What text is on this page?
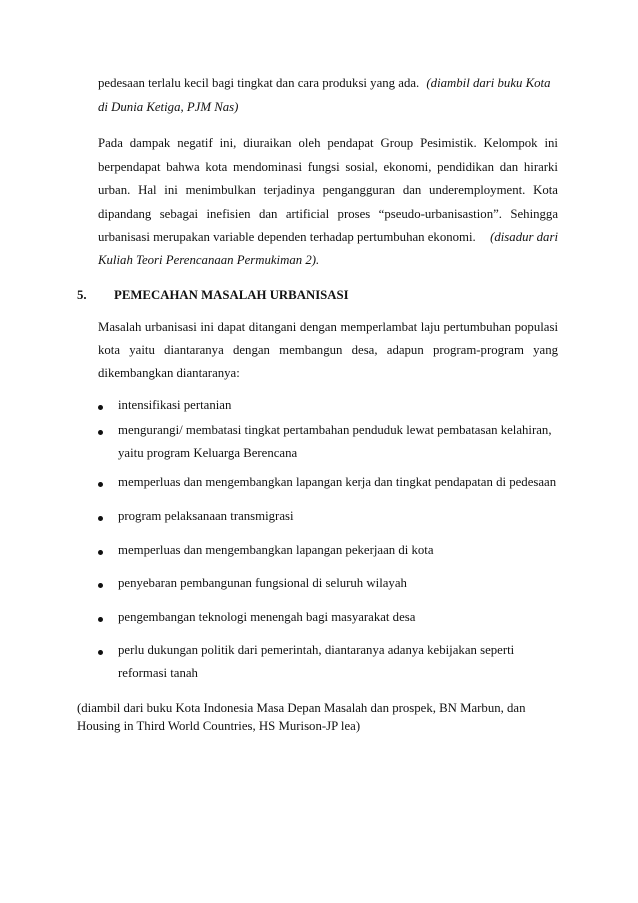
pedesaan terlalu kecil bagi tingkat dan cara produksi yang ada. (diambil dari buku Kota
di Dunia Ketiga, PJM Nas)
Pada dampak negatif ini, diuraikan oleh pendapat Group Pesimistik. Kelompok ini
berpendapat bahwa kota mendominasi fungsi sosial, ekonomi, pendidikan dan hirarki
urban. Hal ini menimbulkan terjadinya pengangguran dan underemployment. Kota
dipandang sebagai inefisien dan artificial proses “pseudo-urbanisastion”. Sehingga
urbanisasi merupakan variable dependen terhadap pertumbuhan ekonomi. (disadur dari
Kuliah Teori Perencanaan Permukiman 2).
5. PEMECAHAN MASALAH URBANISASI
Masalah urbanisasi ini dapat ditangani dengan memperlambat laju pertumbuhan populasi
kota yaitu diantaranya dengan membangun desa, adapun program-program yang
dikembangkan diantaranya:
intensifikasi pertanian
mengurangi/ membatasi tingkat pertambahan penduduk lewat pembatasan kelahiran,
yaitu program Keluarga Berencana
memperluas dan mengembangkan lapangan kerja dan tingkat pendapatan di pedesaan
program pelaksanaan transmigrasi
memperluas dan mengembangkan lapangan pekerjaan di kota
penyebaran pembangunan fungsional di seluruh wilayah
pengembangan teknologi menengah bagi masyarakat desa
perlu dukungan politik dari pemerintah, diantaranya adanya kebijakan seperti
reformasi tanah
(diambil dari buku Kota Indonesia Masa Depan Masalah dan prospek, BN Marbun, dan
Housing in Third World Countries, HS Murison-JP lea)
